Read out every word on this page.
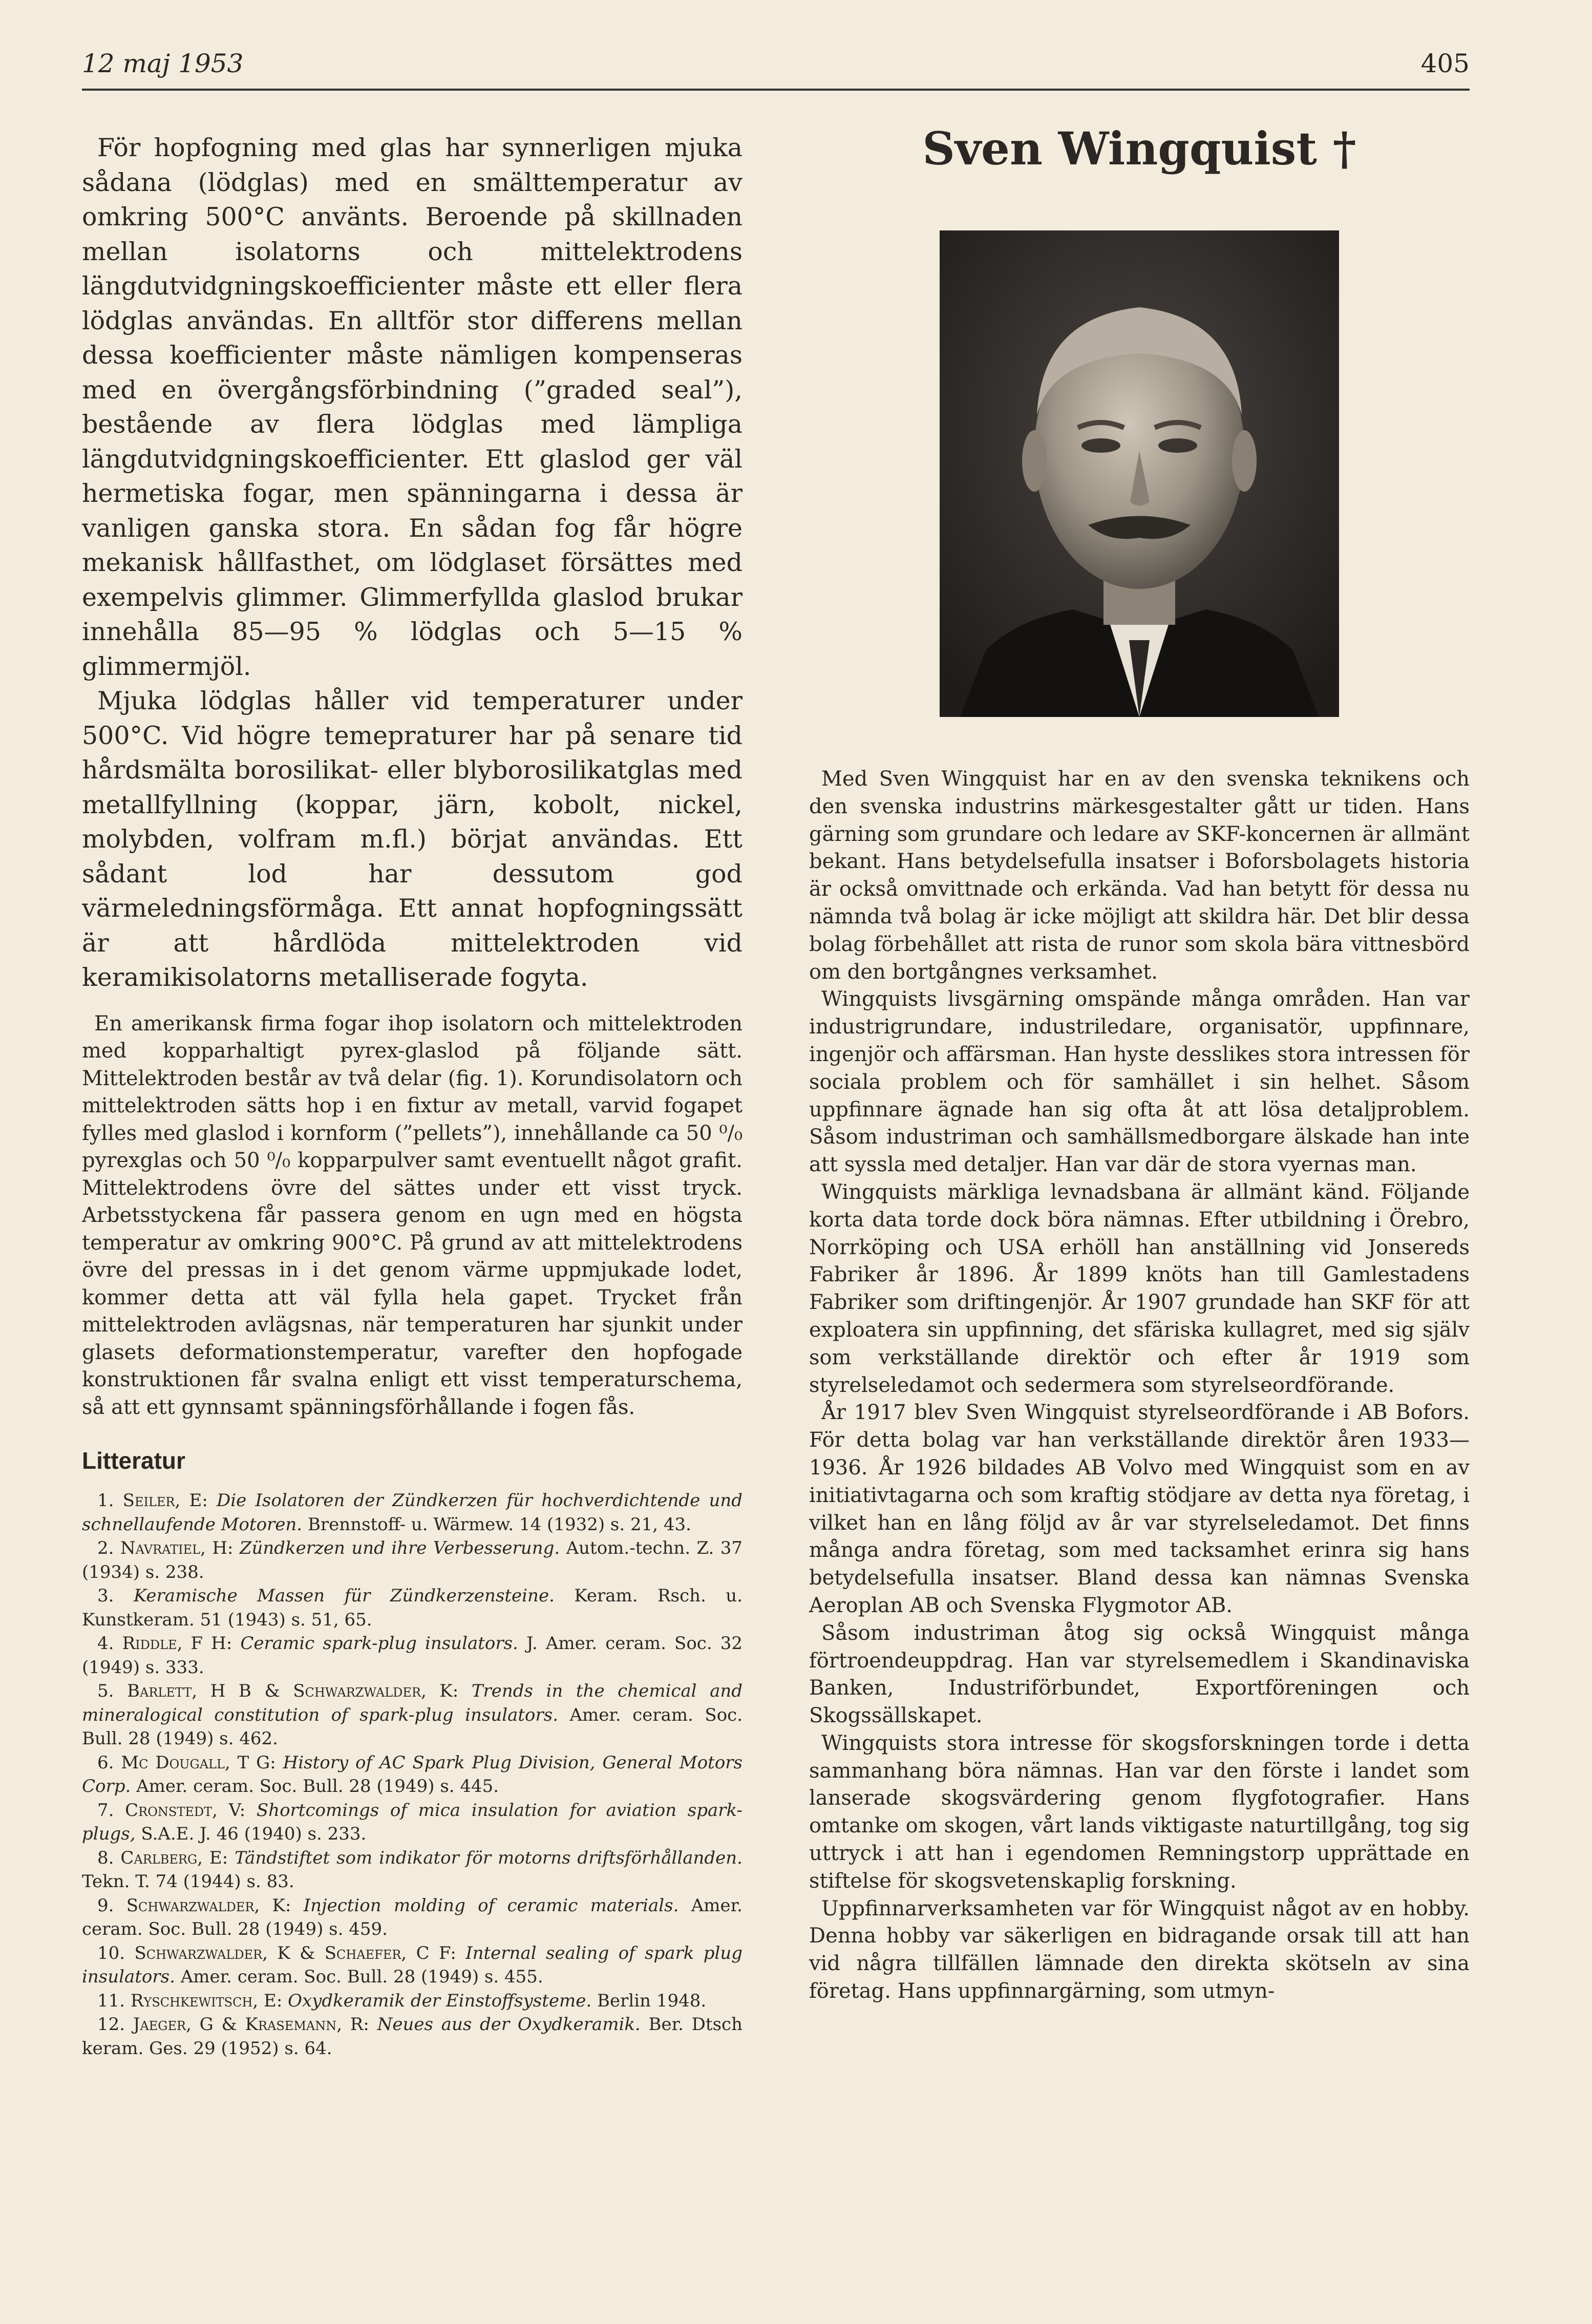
12 maj 1953	405

För hopfogning med glas har synnerligen mjuka sådana (lödglas) med en smälttemperatur av omkring 500°C använts. Beroende på skillnaden mellan isolatorns och mittelektrodens längdutvidgningskoefficienter måste ett eller flera lödglas användas. En alltför stor differens mellan dessa koefficienter måste nämligen kompenseras med en övergångsförbindning (”graded seal”), bestående av flera lödglas med lämpliga längdutvidgningskoefficienter. Ett glaslod ger väl hermetiska fogar, men spänningarna i dessa är vanligen ganska stora. En sådan fog får högre mekanisk hållfasthet, om lödglaset försättes med exempelvis glimmer. Glimmerfyllda glaslod brukar innehålla 85—95 % lödglas och 5—15 % glimmermjöl.

Mjuka lödglas håller vid temperaturer under 500°C. Vid högre temepraturer har på senare tid hårdsmälta borosilikat- eller blyborosilikatglas med metallfyllning (koppar, järn, kobolt, nickel, molybden, volfram m.fl.) börjat användas. Ett sådant lod har dessutom god värmeledningsförmåga. Ett annat hopfogningssätt är att hårdlöda mittelektroden vid keramikisolatorns metalliserade fogyta.

En amerikansk firma fogar ihop isolatorn och mittelektroden med kopparhaltigt pyrex-glaslod på följande sätt. Mittelektroden består av två delar (fig. 1). Korundisolatorn och mittelektroden sätts hop i en fixtur av metall, varvid fogapet fylles med glaslod i kornform (”pellets”), innehållande ca 50 ⁰/₀ pyrexglas och 50 ⁰/₀ kopparpulver samt eventuellt något grafit. Mittelektrodens övre del sättes under ett visst tryck. Arbetsstyckena får passera genom en ugn med en högsta temperatur av omkring 900°C. På grund av att mittelektrodens övre del pressas in i det genom värme uppmjukade lodet, kommer detta att väl fylla hela gapet. Trycket från mittelektroden avlägsnas, när temperaturen har sjunkit under glasets deformationstemperatur, varefter den hopfogade konstruktionen får svalna enligt ett visst temperaturschema, så att ett gynnsamt spänningsförhållande i fogen fås.

Litteratur

1. Seiler, E: Die Isolatoren der Zündkerzen für hochverdichtende und schnellaufende Motoren. Brennstoff- u. Wärmew. 14 (1932) s. 21, 43.

2. Navratiel, H: Zündkerzen und ihre Verbesserung. Autom.-techn. Z. 37 (1934) s. 238.

3. Keramische Massen für Zündkerzensteine. Keram. Rsch. u. Kunstkeram. 51 (1943) s. 51, 65.

4. Riddle, F H: Ceramic spark-plug insulators. J. Amer. ceram. Soc. 32 (1949) s. 333.

5. Barlett, H B & Schwarzwalder, K: Trends in the chemical and mineralogical constitution of spark-plug insulators. Amer. ceram. Soc. Bull. 28 (1949) s. 462.

6. Mc Dougall, T G: History of AC Spark Plug Division, General Motors Corp. Amer. ceram. Soc. Bull. 28 (1949) s. 445.

7. Cronstedt, V: Shortcomings of mica insulation for aviation spark-plugs, S.A.E. J. 46 (1940) s. 233.

8. Carlberg, E: Tändstiftet som indikator för motorns driftsförhållanden. Tekn. T. 74 (1944) s. 83.

9. Schwarzwalder, K: Injection molding of ceramic materials. Amer. ceram. Soc. Bull. 28 (1949) s. 459.

10. Schwarzwalder, K & Schaefer, C F: Internal sealing of spark plug insulators. Amer. ceram. Soc. Bull. 28 (1949) s. 455.

11. Ryschkewitsch, E: Oxydkeramik der Einstoffsysteme. Berlin 1948.

12. Jaeger, G & Krasemann, R: Neues aus der Oxydkeramik. Ber. Dtsch keram. Ges. 29 (1952) s. 64.

Sven Wingquist †

Med Sven Wingquist har en av den svenska teknikens och den svenska industrins märkesgestalter gått ur tiden. Hans gärning som grundare och ledare av SKF-koncernen är allmänt bekant. Hans betydelsefulla insatser i Boforsbolagets historia är också omvittnade och erkända. Vad han betytt för dessa nu nämnda två bolag är icke möjligt att skildra här. Det blir dessa bolag förbehållet att rista de runor som skola bära vittnesbörd om den bortgångnes verksamhet.

Wingquists livsgärning omspände många områden. Han var industrigrundare, industriledare, organisatör, uppfinnare, ingenjör och affärsman. Han hyste desslikes stora intressen för sociala problem och för samhället i sin helhet. Såsom uppfinnare ägnade han sig ofta åt att lösa detaljproblem. Såsom industriman och samhällsmedborgare älskade han inte att syssla med detaljer. Han var där de stora vyernas man.

Wingquists märkliga levnadsbana är allmänt känd. Följande korta data torde dock böra nämnas. Efter utbildning i Örebro, Norrköping och USA erhöll han anställning vid Jonsereds Fabriker år 1896. År 1899 knöts han till Gamlestadens Fabriker som driftingenjör. År 1907 grundade han SKF för att exploatera sin uppfinning, det sfäriska kullagret, med sig själv som verkställande direktör och efter år 1919 som styrelseledamot och sedermera som styrelseordförande.

År 1917 blev Sven Wingquist styrelseordförande i AB Bofors. För detta bolag var han verkställande direktör åren 1933—1936. År 1926 bildades AB Volvo med Wingquist som en av initiativtagarna och som kraftig stödjare av detta nya företag, i vilket han en lång följd av år var styrelseledamot. Det finns många andra företag, som med tacksamhet erinra sig hans betydelsefulla insatser. Bland dessa kan nämnas Svenska Aeroplan AB och Svenska Flygmotor AB.

Såsom industriman åtog sig också Wingquist många förtroendeuppdrag. Han var styrelsemedlem i Skandinaviska Banken, Industriförbundet, Exportföreningen och Skogssällskapet.

Wingquists stora intresse för skogsforskningen torde i detta sammanhang böra nämnas. Han var den förste i landet som lanserade skogsvärdering genom flygfotografier. Hans omtanke om skogen, vårt lands viktigaste naturtillgång, tog sig uttryck i att han i egendomen Remningstorp upprättade en stiftelse för skogsvetenskaplig forskning.

Uppfinnarverksamheten var för Wingquist något av en hobby. Denna hobby var säkerligen en bidragande orsak till att han vid några tillfällen lämnade den direkta skötseln av sina företag. Hans uppfinnargärning, som utmyn-
